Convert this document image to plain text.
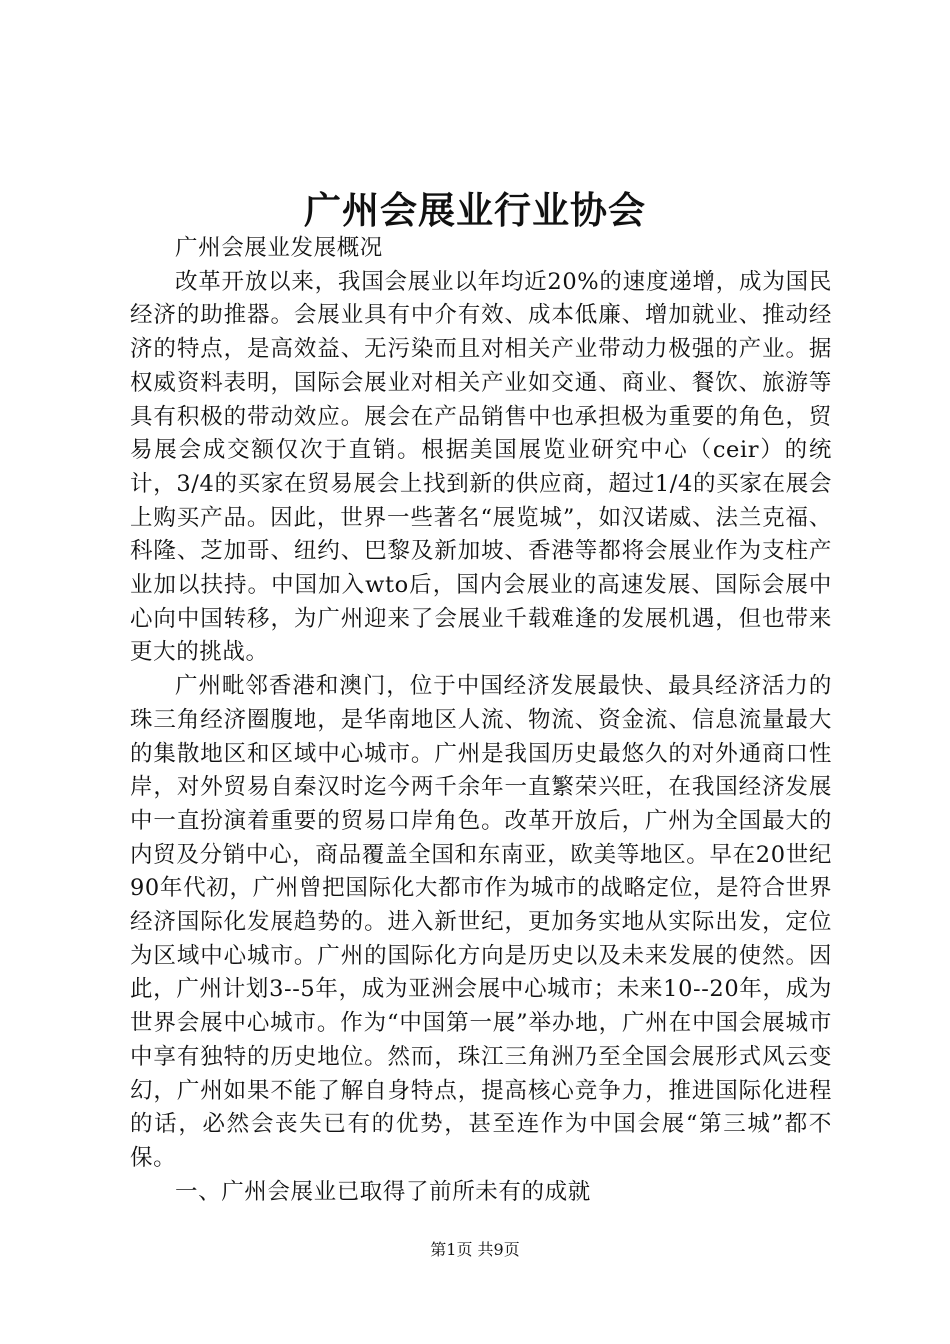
广州会展业行业协会

广州会展业发展概况

改革开放以来，我国会展业以年均近20%的速度递增，成为国民经济的助推器。会展业具有中介有效、成本低廉、增加就业、推动经济的特点，是高效益、无污染而且对相关产业带动力极强的产业。据权威资料表明，国际会展业对相关产业如交通、商业、餐饮、旅游等具有积极的带动效应。展会在产品销售中也承担极为重要的角色，贸易展会成交额仅次于直销。根据美国展览业研究中心（ceir）的统计，3/4的买家在贸易展会上找到新的供应商，超过1/4的买家在展会上购买产品。因此，世界一些著名“展览城”，如汉诺威、法兰克福、科隆、芝加哥、纽约、巴黎及新加坡、香港等都将会展业作为支柱产业加以扶持。中国加入wto后，国内会展业的高速发展、国际会展中心向中国转移，为广州迎来了会展业千载难逢的发展机遇，但也带来更大的挑战。

广州毗邻香港和澳门，位于中国经济发展最快、最具经济活力的珠三角经济圈腹地，是华南地区人流、物流、资金流、信息流量最大的集散地区和区域中心城市。广州是我国历史最悠久的对外通商口性岸，对外贸易自秦汉时迄今两千余年一直繁荣兴旺，在我国经济发展中一直扮演着重要的贸易口岸角色。改革开放后，广州为全国最大的内贸及分销中心，商品覆盖全国和东南亚，欧美等地区。早在20世纪90年代初，广州曾把国际化大都市作为城市的战略定位，是符合世界经济国际化发展趋势的。进入新世纪，更加务实地从实际出发，定位为区域中心城市。广州的国际化方向是历史以及未来发展的使然。因此，广州计划3--5年，成为亚洲会展中心城市；未来10--20年，成为世界会展中心城市。作为“中国第一展”举办地，广州在中国会展城市中享有独特的历史地位。然而，珠江三角洲乃至全国会展形式风云变幻，广州如果不能了解自身特点，提高核心竞争力，推进国际化进程的话，必然会丧失已有的优势，甚至连作为中国会展“第三城”都不保。

一、广州会展业已取得了前所未有的成就

第1页 共9页
